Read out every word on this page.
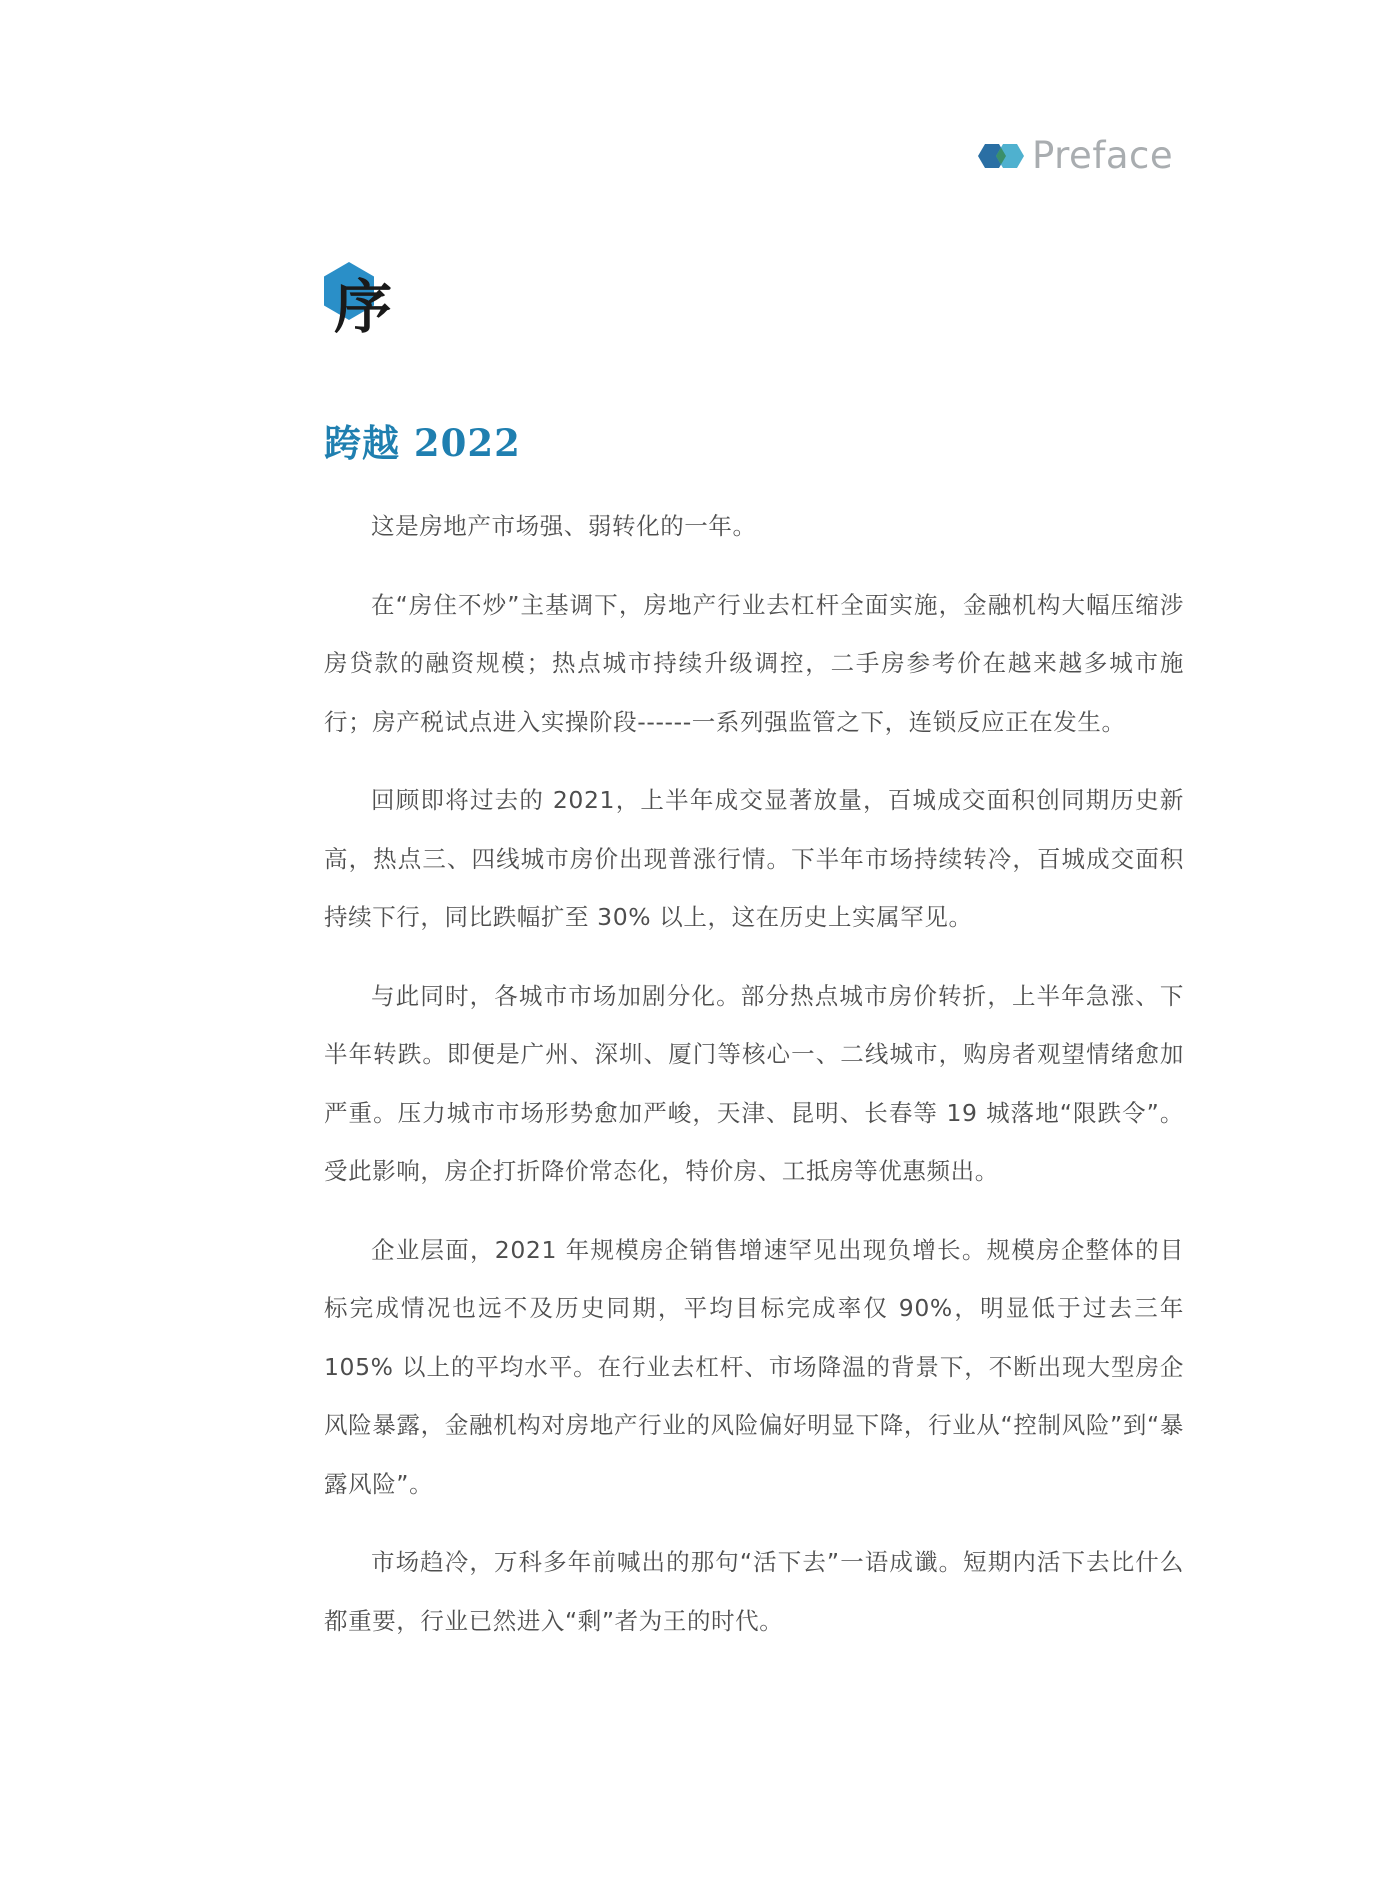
Preface
序
跨越 2022

这是房地产市场强、弱转化的一年。

在“房住不炒”主基调下，房地产行业去杠杆全面实施，金融机构大幅压缩涉房贷款的融资规模；热点城市持续升级调控，二手房参考价在越来越多城市施行；房产税试点进入实操阶段------一系列强监管之下，连锁反应正在发生。

回顾即将过去的 2021，上半年成交显著放量，百城成交面积创同期历史新高，热点三、四线城市房价出现普涨行情。下半年市场持续转冷，百城成交面积持续下行，同比跌幅扩至 30% 以上，这在历史上实属罕见。

与此同时，各城市市场加剧分化。部分热点城市房价转折，上半年急涨、下半年转跌。即便是广州、深圳、厦门等核心一、二线城市，购房者观望情绪愈加严重。压力城市市场形势愈加严峻，天津、昆明、长春等 19 城落地“限跌令”。受此影响，房企打折降价常态化，特价房、工抵房等优惠频出。

企业层面，2021 年规模房企销售增速罕见出现负增长。规模房企整体的目标完成情况也远不及历史同期，平均目标完成率仅 90%，明显低于过去三年 105% 以上的平均水平。在行业去杠杆、市场降温的背景下，不断出现大型房企风险暴露，金融机构对房地产行业的风险偏好明显下降，行业从“控制风险”到“暴露风险”。

市场趋冷，万科多年前喊出的那句“活下去”一语成谶。短期内活下去比什么都重要，行业已然进入“剩”者为王的时代。
